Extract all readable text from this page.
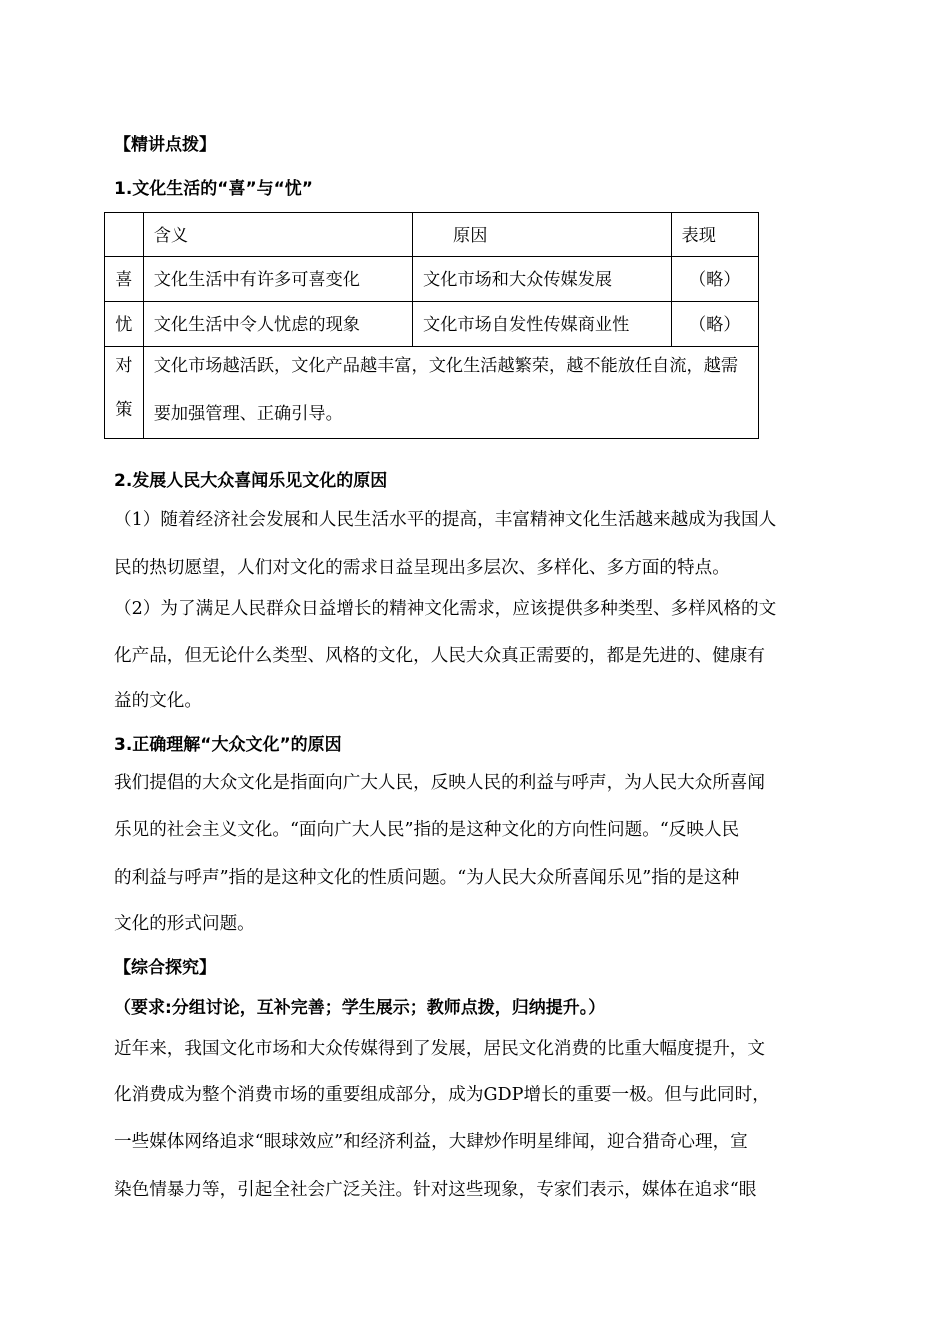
【精讲点拨】
1.文化生活的“喜”与“忧”

	含义	原因	表现

喜	文化生活中有许多可喜变化	文化市场和大众传媒发展	（略）

忧	文化生活中令人忧虑的现象	文化市场自发性传媒商业性	（略）

对
策	文化市场越活跃，文化产品越丰富，文化生活越繁荣，越不能放任自流，越需要加强管理、正确引导。		
2.发展人民大众喜闻乐见文化的原因
（1）随着经济社会发展和人民生活水平的提高，丰富精神文化生活越来越成为我国人
民的热切愿望，人们对文化的需求日益呈现出多层次、多样化、多方面的特点。
（2）为了满足人民群众日益增长的精神文化需求，应该提供多种类型、多样风格的文
化产品，但无论什么类型、风格的文化，人民大众真正需要的，都是先进的、健康有
益的文化。
3.正确理解“大众文化”的原因
我们提倡的大众文化是指面向广大人民，反映人民的利益与呼声，为人民大众所喜闻
乐见的社会主义文化。“面向广大人民”指的是这种文化的方向性问题。“反映人民
的利益与呼声”指的是这种文化的性质问题。“为人民大众所喜闻乐见”指的是这种
文化的形式问题。
【综合探究】
（要求:分组讨论，互补完善；学生展示；教师点拨，归纳提升。）
近年来，我国文化市场和大众传媒得到了发展，居民文化消费的比重大幅度提升，文
化消费成为整个消费市场的重要组成部分，成为GDP增长的重要一极。但与此同时，
一些媒体网络追求“眼球效应”和经济利益，大肆炒作明星绯闻，迎合猎奇心理，宣
染色情暴力等，引起全社会广泛关注。针对这些现象，专家们表示，媒体在追求“眼
